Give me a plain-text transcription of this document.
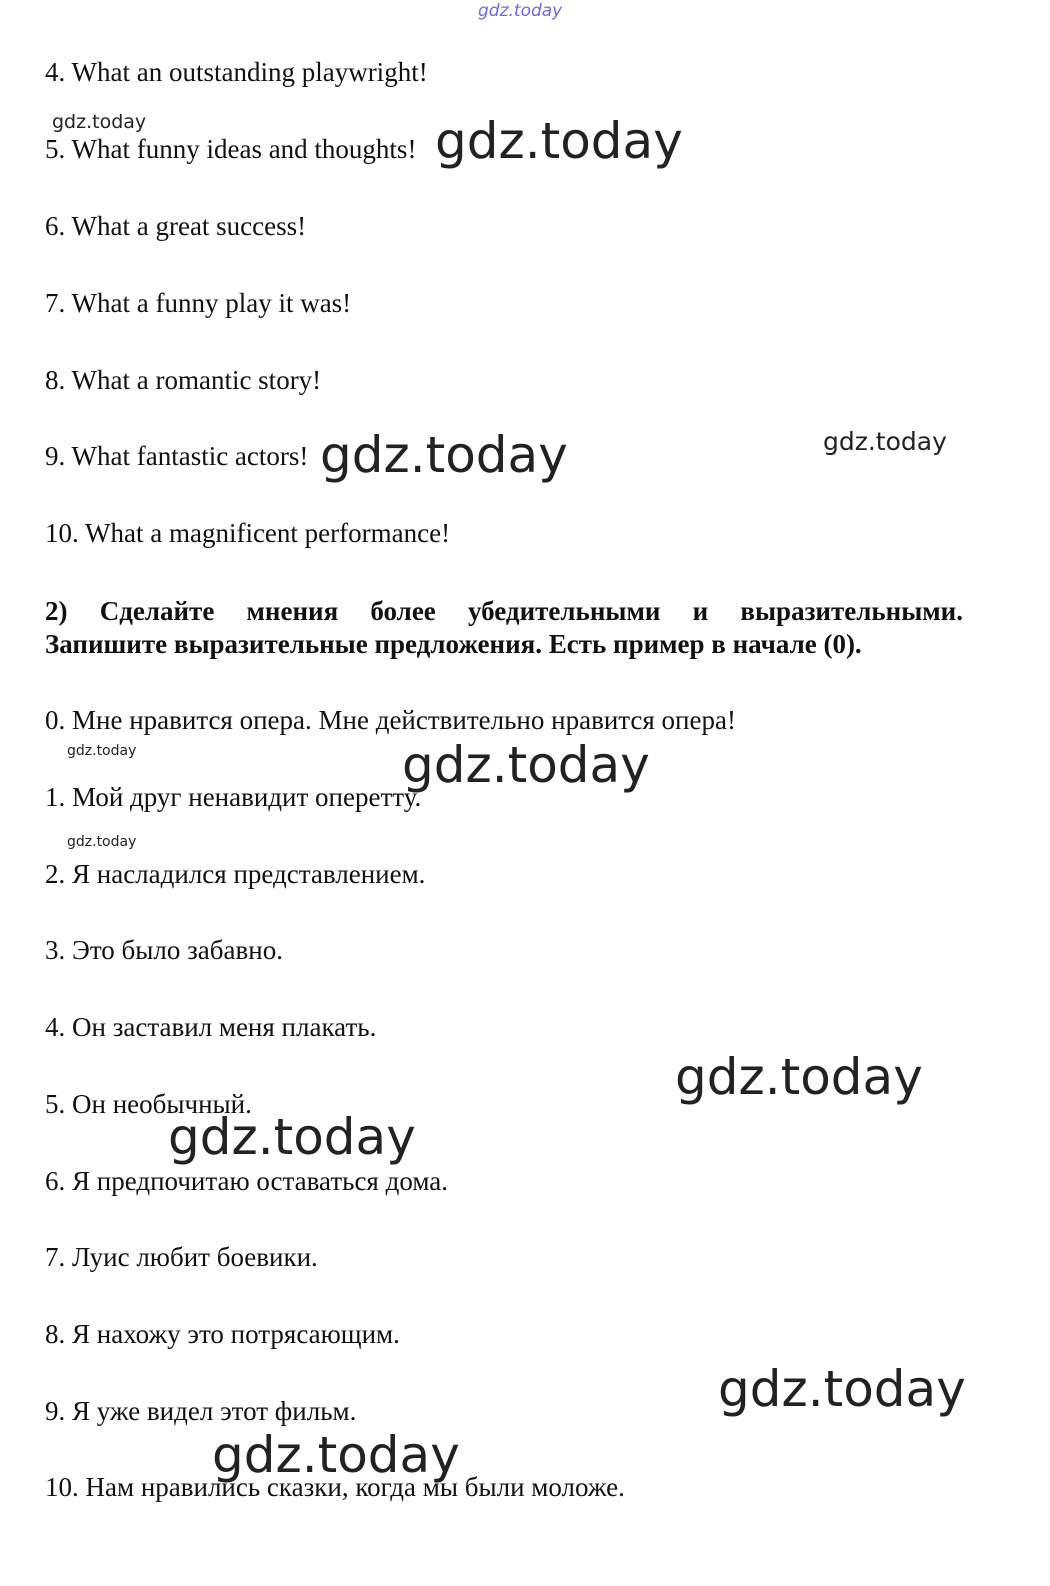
4. What an outstanding playwright!
5. What funny ideas and thoughts!
6. What a great success!
7. What a funny play it was!
8. What a romantic story!
9. What fantastic actors!
10. What a magnificent performance!
2) Сделайте мнения более убедительными и выразительными.
Запишите выразительные предложения. Есть пример в начале (0).
0. Мне нравится опера. Мне действительно нравится опера!
1. Мой друг ненавидит оперетту.
2. Я насладился представлением.
3. Это было забавно.
4. Он заставил меня плакать.
5. Он необычный.
6. Я предпочитаю оставаться дома.
7. Луис любит боевики.
8. Я нахожу это потрясающим.
9. Я уже видел этот фильм.
10. Нам нравились сказки, когда мы были моложе.
gdz.today
gdz.today	gdz.today
gdz.today	gdz.today
gdz.today	gdz.today
gdz.today
gdz.today
gdz.today
gdz.today
gdz.today
